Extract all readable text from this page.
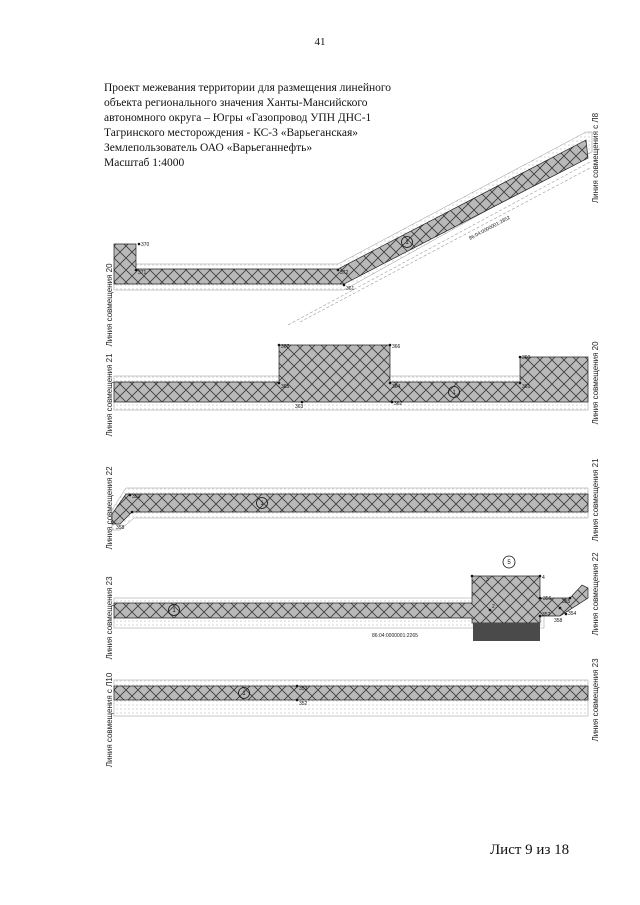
41
Проект межевания территории для размещения линейного
объекта регионального значения Ханты-Мансийского
автономного округа – Югры «Газопровод УПН ДНС-1
Тагринского месторождения - КС-3 «Варьеганская»
Землепользователь ОАО «Варьеганнефть»
Масштаб 1:4000
370
371	372
361
1
86:04:0000001:2852
Линия совмещения 20
Линия совмещения с Л8
367	366
365	364
363	362
360
361
1
Линия совмещения 21	Линия совмещения 20
359
358
1
Линия совмещения 22	Линия совмещения 21
3	4
2
358
357
356 355
354
5
1
86:04:0000001:2265
Линия совмещения 23	Линия совмещения 22
353
352
1
Линия совмещения с Л10	Линия совмещения 23
Лист 9 из 18
